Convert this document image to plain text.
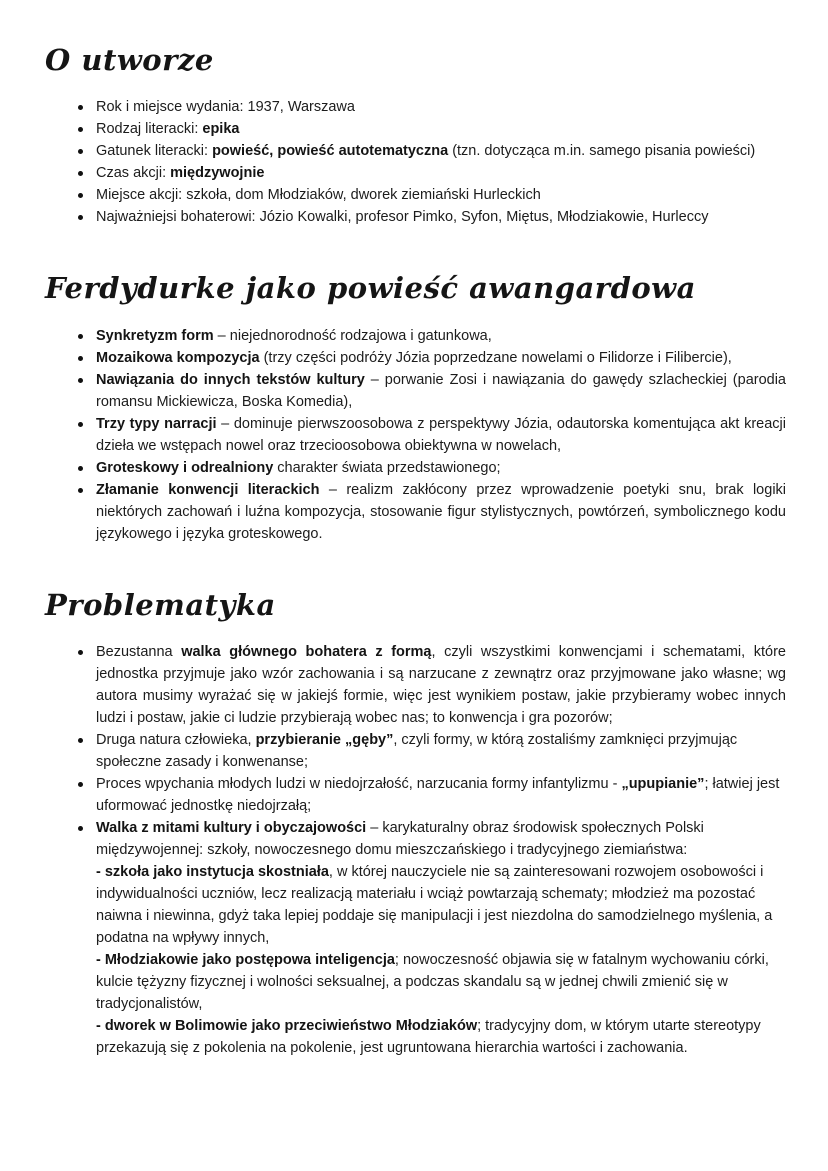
O utworze
Rok i miejsce wydania: 1937, Warszawa
Rodzaj literacki: epika
Gatunek literacki: powieść, powieść autotematyczna (tzn. dotycząca m.in. samego pisania powieści)
Czas akcji: międzywojnie
Miejsce akcji: szkoła, dom Młodziaków, dworek ziemiański Hurleckich
Najważniejsi bohaterowi: Józio Kowalki, profesor Pimko, Syfon, Miętus, Młodziakowie, Hurleccy
Ferdydurke jako powieść awangardowa
Synkretyzm form – niejednorodność rodzajowa i gatunkowa,
Mozaikowa kompozycja (trzy części podróży Józia poprzedzane nowelami o Filidorze i Filibercie),
Nawiązania do innych tekstów kultury – porwanie Zosi i nawiązania do gawędy szlacheckiej (parodia romansu Mickiewicza, Boska Komedia),
Trzy typy narracji – dominuje pierwszoosobowa z perspektywy Józia, odautorska komentująca akt kreacji dzieła we wstępach nowel oraz trzecioosobowa obiektywna w nowelach,
Groteskowy i odrealniony charakter świata przedstawionego;
Złamanie konwencji literackich – realizm zakłócony przez wprowadzenie poetyki snu, brak logiki niektórych zachowań i luźna kompozycja, stosowanie figur stylistycznych, powtórzeń, symbolicznego kodu językowego i języka groteskowego.
Problematyka
Bezustanna walka głównego bohatera z formą, czyli wszystkimi konwencjami i schematami, które jednostka przyjmuje jako wzór zachowania i są narzucane z zewnątrz oraz przyjmowane jako własne; wg autora musimy wyrażać się w jakiejś formie, więc jest wynikiem postaw, jakie przybieramy wobec innych ludzi i postaw, jakie ci ludzie przybierają wobec nas; to konwencja i gra pozorów;
Druga natura człowieka, przybieranie „gęby”, czyli formy, w którą zostaliśmy zamknięci przyjmując społeczne zasady i konwenanse;
Proces wpychania młodych ludzi w niedojrzałość, narzucania formy infantylizmu - „upupianie”; łatwiej jest uformować jednostkę niedojrzałą;
Walka z mitami kultury i obyczajowości – karykaturalny obraz środowisk społecznych Polski międzywojennej: szkoły, nowoczesnego domu mieszczańskiego i tradycyjnego ziemiaństwa:
- szkoła jako instytucja skostniała, w której nauczyciele nie są zainteresowani rozwojem osobowości i indywidualności uczniów, lecz realizacją materiału i wciąż powtarzają schematy; młodzież ma pozostać naiwna i niewinna, gdyż taka lepiej poddaje się manipulacji i jest niezdolna do samodzielnego myślenia, a podatna na wpływy innych,
- Młodziakowie jako postępowa inteligencja; nowoczesność objawia się w fatalnym wychowaniu córki, kulcie tężyzny fizycznej i wolności seksualnej, a podczas skandalu są w jednej chwili zmienić się w tradycjonalistów,
- dworek w Bolimowie jako przeciwieństwo Młodziaków; tradycyjny dom, w którym utarte stereotypy przekazują się z pokolenia na pokolenie, jest ugruntowana hierarchia wartości i zachowania.
